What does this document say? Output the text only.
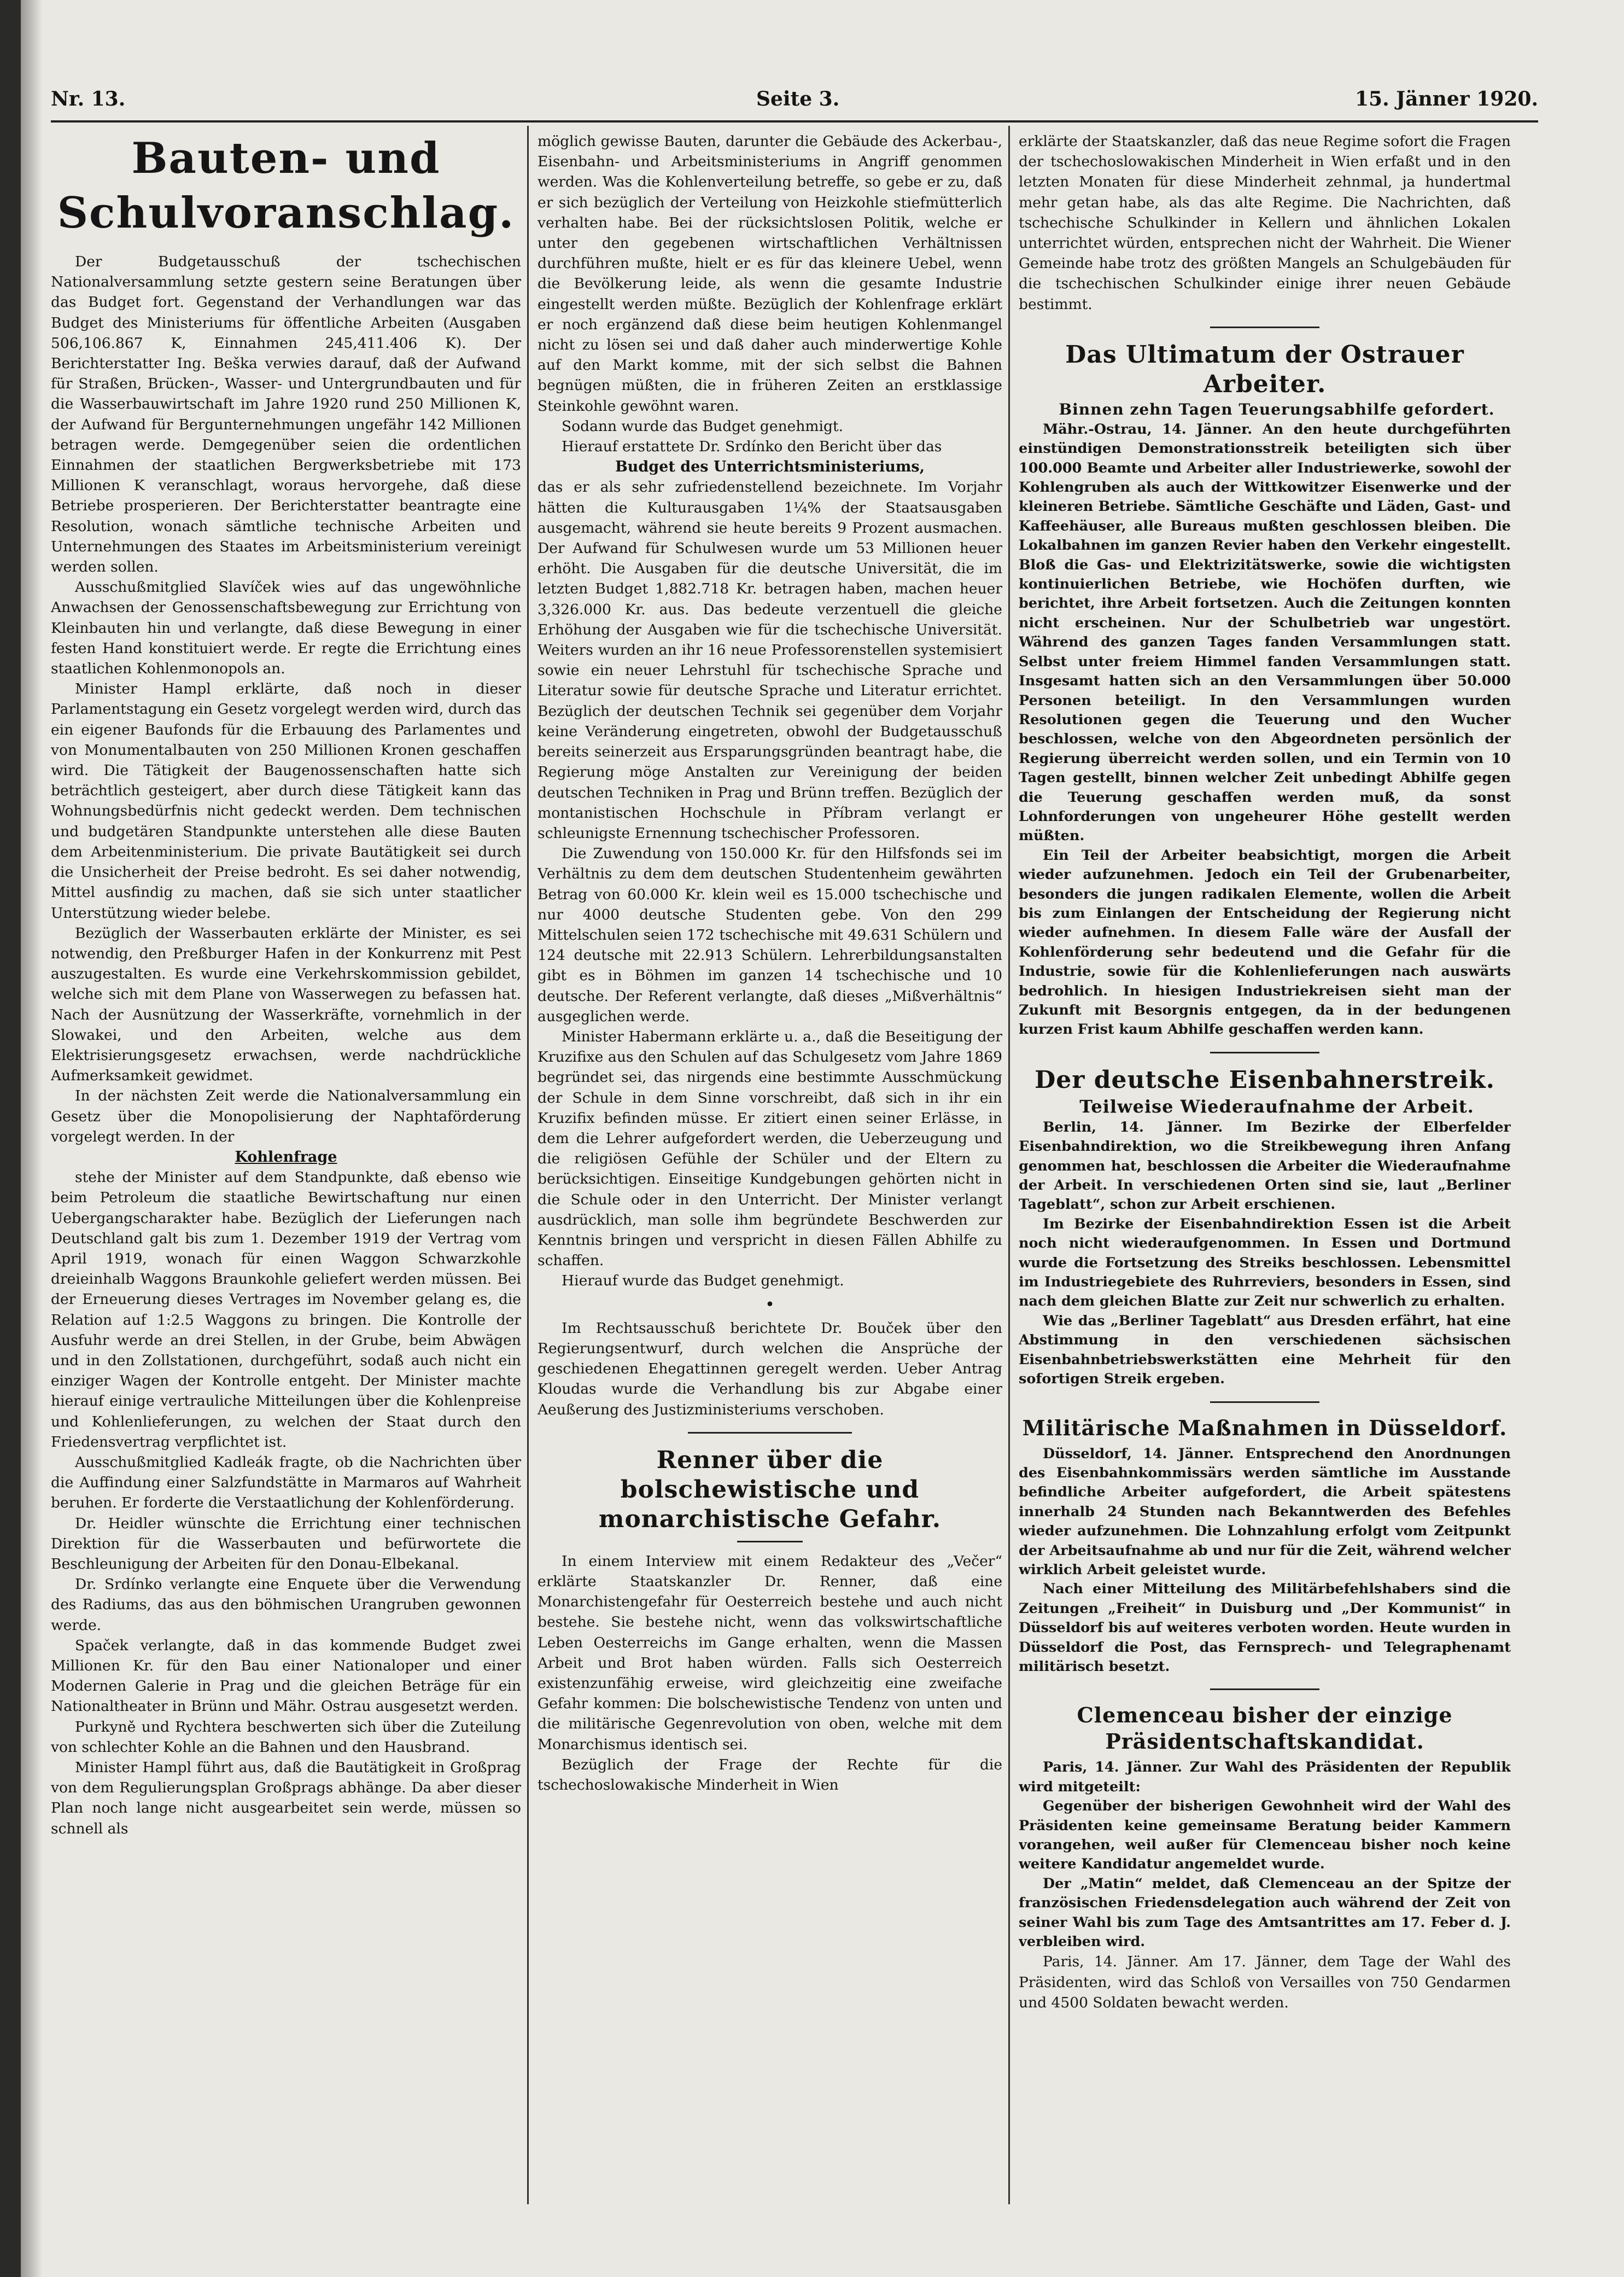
Nr. 13.	Seite 3.	15. Jänner 1920.
Bauten- und Schulvoranschlag.

Der Budgetausschuß der tschechischen Nationalversammlung setzte gestern seine Beratungen über das Budget fort. Gegenstand der Verhandlungen war das Budget des Ministeriums für öffentliche Arbeiten (Ausgaben 506,106.867 K, Einnahmen 245,411.406 K). Der Berichterstatter Ing. Beška verwies darauf, daß der Aufwand für Straßen, Brücken-, Wasser- und Untergrundbauten und für die Wasserbauwirtschaft im Jahre 1920 rund 250 Millionen K, der Aufwand für Bergunternehmungen ungefähr 142 Millionen betragen werde. Demgegenüber seien die ordentlichen Einnahmen der staatlichen Bergwerksbetriebe mit 173 Millionen K veranschlagt, woraus hervorgehe, daß diese Betriebe prosperieren. Der Berichterstatter beantragte eine Resolution, wonach sämtliche technische Arbeiten und Unternehmungen des Staates im Arbeitsministerium vereinigt werden sollen.

Ausschußmitglied Slavíček wies auf das ungewöhnliche Anwachsen der Genossenschaftsbewegung zur Errichtung von Kleinbauten hin und verlangte, daß diese Bewegung in einer festen Hand konstituiert werde. Er regte die Errichtung eines staatlichen Kohlenmonopols an.

Minister Hampl erklärte, daß noch in dieser Parlamentstagung ein Gesetz vorgelegt werden wird, durch das ein eigener Baufonds für die Erbauung des Parlamentes und von Monumentalbauten von 250 Millionen Kronen geschaffen wird. Die Tätigkeit der Baugenossenschaften hatte sich beträchtlich gesteigert, aber durch diese Tätigkeit kann das Wohnungsbedürfnis nicht gedeckt werden. Dem technischen und budgetären Standpunkte unterstehen alle diese Bauten dem Arbeitenministerium. Die private Bautätigkeit sei durch die Unsicherheit der Preise bedroht. Es sei daher notwendig, Mittel ausfindig zu machen, daß sie sich unter staatlicher Unterstützung wieder belebe.

Bezüglich der Wasserbauten erklärte der Minister, es sei notwendig, den Preßburger Hafen in der Konkurrenz mit Pest auszugestalten. Es wurde eine Verkehrskommission gebildet, welche sich mit dem Plane von Wasserwegen zu befassen hat. Nach der Ausnützung der Wasserkräfte, vornehmlich in der Slowakei, und den Arbeiten, welche aus dem Elektrisierungsgesetz erwachsen, werde nachdrückliche Aufmerksamkeit gewidmet.

In der nächsten Zeit werde die Nationalversammlung ein Gesetz über die Monopolisierung der Naphtaförderung vorgelegt werden. In der

Kohlenfrage

stehe der Minister auf dem Standpunkte, daß ebenso wie beim Petroleum die staatliche Bewirtschaftung nur einen Uebergangscharakter habe. Bezüglich der Lieferungen nach Deutschland galt bis zum 1. Dezember 1919 der Vertrag vom April 1919, wonach für einen Waggon Schwarzkohle dreieinhalb Waggons Braunkohle geliefert werden müssen. Bei der Erneuerung dieses Vertrages im November gelang es, die Relation auf 1:2.5 Waggons zu bringen. Die Kontrolle der Ausfuhr werde an drei Stellen, in der Grube, beim Abwägen und in den Zollstationen, durchgeführt, sodaß auch nicht ein einziger Wagen der Kontrolle entgeht. Der Minister machte hierauf einige vertrauliche Mitteilungen über die Kohlenpreise und Kohlenlieferungen, zu welchen der Staat durch den Friedensvertrag verpflichtet ist.

Ausschußmitglied Kadleák fragte, ob die Nachrichten über die Auffindung einer Salzfundstätte in Marmaros auf Wahrheit beruhen. Er forderte die Verstaatlichung der Kohlenförderung.

Dr. Heidler wünschte die Errichtung einer technischen Direktion für die Wasserbauten und befürwortete die Beschleunigung der Arbeiten für den Donau-Elbekanal.

Dr. Srdínko verlangte eine Enquete über die Verwendung des Radiums, das aus den böhmischen Urangruben gewonnen werde.

Spaček verlangte, daß in das kommende Budget zwei Millionen Kr. für den Bau einer Nationaloper und einer Modernen Galerie in Prag und die gleichen Beträge für ein Nationaltheater in Brünn und Mähr. Ostrau ausgesetzt werden.

Purkyně und Rychtera beschwerten sich über die Zuteilung von schlechter Kohle an die Bahnen und den Hausbrand.

Minister Hampl führt aus, daß die Bautätigkeit in Großprag von dem Regulierungsplan Großprags abhänge. Da aber dieser Plan noch lange nicht ausgearbeitet sein werde, müssen so schnell als

möglich gewisse Bauten, darunter die Gebäude des Ackerbau-, Eisenbahn- und Arbeitsministeriums in Angriff genommen werden. Was die Kohlenverteilung betreffe, so gebe er zu, daß er sich bezüglich der Verteilung von Heizkohle stiefmütterlich verhalten habe. Bei der rücksichtslosen Politik, welche er unter den gegebenen wirtschaftlichen Verhältnissen durchführen mußte, hielt er es für das kleinere Uebel, wenn die Bevölkerung leide, als wenn die gesamte Industrie eingestellt werden müßte. Bezüglich der Kohlenfrage erklärt er noch ergänzend daß diese beim heutigen Kohlenmangel nicht zu lösen sei und daß daher auch minderwertige Kohle auf den Markt komme, mit der sich selbst die Bahnen begnügen müßten, die in früheren Zeiten an erstklassige Steinkohle gewöhnt waren.

Sodann wurde das Budget genehmigt.

Hierauf erstattete Dr. Srdínko den Bericht über das

Budget des Unterrichtsministeriums,

das er als sehr zufriedenstellend bezeichnete. Im Vorjahr hätten die Kulturausgaben 1¼% der Staatsausgaben ausgemacht, während sie heute bereits 9 Prozent ausmachen. Der Aufwand für Schulwesen wurde um 53 Millionen heuer erhöht. Die Ausgaben für die deutsche Universität, die im letzten Budget 1,882.718 Kr. betragen haben, machen heuer 3,326.000 Kr. aus. Das bedeute verzentuell die gleiche Erhöhung der Ausgaben wie für die tschechische Universität. Weiters wurden an ihr 16 neue Professorenstellen systemisiert sowie ein neuer Lehrstuhl für tschechische Sprache und Literatur sowie für deutsche Sprache und Literatur errichtet. Bezüglich der deutschen Technik sei gegenüber dem Vorjahr keine Veränderung eingetreten, obwohl der Budgetausschuß bereits seinerzeit aus Ersparungsgründen beantragt habe, die Regierung möge Anstalten zur Vereinigung der beiden deutschen Techniken in Prag und Brünn treffen. Bezüglich der montanistischen Hochschule in Příbram verlangt er schleunigste Ernennung tschechischer Professoren.

Die Zuwendung von 150.000 Kr. für den Hilfsfonds sei im Verhältnis zu dem dem deutschen Studentenheim gewährten Betrag von 60.000 Kr. klein weil es 15.000 tschechische und nur 4000 deutsche Studenten gebe. Von den 299 Mittelschulen seien 172 tschechische mit 49.631 Schülern und 124 deutsche mit 22.913 Schülern. Lehrerbildungsanstalten gibt es in Böhmen im ganzen 14 tschechische und 10 deutsche. Der Referent verlangte, daß dieses „Mißverhältnis“ ausgeglichen werde.

Minister Habermann erklärte u. a., daß die Beseitigung der Kruzifixe aus den Schulen auf das Schulgesetz vom Jahre 1869 begründet sei, das nirgends eine bestimmte Ausschmückung der Schule in dem Sinne vorschreibt, daß sich in ihr ein Kruzifix befinden müsse. Er zitiert einen seiner Erlässe, in dem die Lehrer aufgefordert werden, die Ueberzeugung und die religiösen Gefühle der Schüler und der Eltern zu berücksichtigen. Einseitige Kundgebungen gehörten nicht in die Schule oder in den Unterricht. Der Minister verlangt ausdrücklich, man solle ihm begründete Beschwerden zur Kenntnis bringen und verspricht in diesen Fällen Abhilfe zu schaffen.

Hierauf wurde das Budget genehmigt.

•

Im Rechtsausschuß berichtete Dr. Bouček über den Regierungsentwurf, durch welchen die Ansprüche der geschiedenen Ehegattinnen geregelt werden. Ueber Antrag Kloudas wurde die Verhandlung bis zur Abgabe einer Aeußerung des Justizministeriums verschoben.

Renner über die bolschewistische und monarchistische Gefahr.

In einem Interview mit einem Redakteur des „Večer“ erklärte Staatskanzler Dr. Renner, daß eine Monarchistengefahr für Oesterreich bestehe und auch nicht bestehe. Sie bestehe nicht, wenn das volkswirtschaftliche Leben Oesterreichs im Gange erhalten, wenn die Massen Arbeit und Brot haben würden. Falls sich Oesterreich existenzunfähig erweise, wird gleichzeitig eine zweifache Gefahr kommen: Die bolschewistische Tendenz von unten und die militärische Gegenrevolution von oben, welche mit dem Monarchismus identisch sei.

Bezüglich der Frage der Rechte für die tschechoslowakische Minderheit in Wien

erklärte der Staatskanzler, daß das neue Regime sofort die Fragen der tschechoslowakischen Minderheit in Wien erfaßt und in den letzten Monaten für diese Minderheit zehnmal, ja hundertmal mehr getan habe, als das alte Regime. Die Nachrichten, daß tschechische Schulkinder in Kellern und ähnlichen Lokalen unterrichtet würden, entsprechen nicht der Wahrheit. Die Wiener Gemeinde habe trotz des größten Mangels an Schulgebäuden für die tschechischen Schulkinder einige ihrer neuen Gebäude bestimmt.

Das Ultimatum der Ostrauer Arbeiter.

Binnen zehn Tagen Teuerungsabhilfe gefordert.

Mähr.-Ostrau, 14. Jänner. An den heute durchgeführten einstündigen Demonstrationsstreik beteiligten sich über 100.000 Beamte und Arbeiter aller Industriewerke, sowohl der Kohlengruben als auch der Wittkowitzer Eisenwerke und der kleineren Betriebe. Sämtliche Geschäfte und Läden, Gast- und Kaffeehäuser, alle Bureaus mußten geschlossen bleiben. Die Lokalbahnen im ganzen Revier haben den Verkehr eingestellt. Bloß die Gas- und Elektrizitätswerke, sowie die wichtigsten kontinuierlichen Betriebe, wie Hochöfen durften, wie berichtet, ihre Arbeit fortsetzen. Auch die Zeitungen konnten nicht erscheinen. Nur der Schulbetrieb war ungestört. Während des ganzen Tages fanden Versammlungen statt. Selbst unter freiem Himmel fanden Versammlungen statt. Insgesamt hatten sich an den Versammlungen über 50.000 Personen beteiligt. In den Versammlungen wurden Resolutionen gegen die Teuerung und den Wucher beschlossen, welche von den Abgeordneten persönlich der Regierung überreicht werden sollen, und ein Termin von 10 Tagen gestellt, binnen welcher Zeit unbedingt Abhilfe gegen die Teuerung geschaffen werden muß, da sonst Lohnforderungen von ungeheurer Höhe gestellt werden müßten.

Ein Teil der Arbeiter beabsichtigt, morgen die Arbeit wieder aufzunehmen. Jedoch ein Teil der Grubenarbeiter, besonders die jungen radikalen Elemente, wollen die Arbeit bis zum Einlangen der Entscheidung der Regierung nicht wieder aufnehmen. In diesem Falle wäre der Ausfall der Kohlenförderung sehr bedeutend und die Gefahr für die Industrie, sowie für die Kohlenlieferungen nach auswärts bedrohlich. In hiesigen Industriekreisen sieht man der Zukunft mit Besorgnis entgegen, da in der bedungenen kurzen Frist kaum Abhilfe geschaffen werden kann.

Der deutsche Eisenbahnerstreik.

Teilweise Wiederaufnahme der Arbeit.

Berlin, 14. Jänner. Im Bezirke der Elberfelder Eisenbahndirektion, wo die Streikbewegung ihren Anfang genommen hat, beschlossen die Arbeiter die Wiederaufnahme der Arbeit. In verschiedenen Orten sind sie, laut „Berliner Tageblatt“, schon zur Arbeit erschienen.

Im Bezirke der Eisenbahndirektion Essen ist die Arbeit noch nicht wiederaufgenommen. In Essen und Dortmund wurde die Fortsetzung des Streiks beschlossen. Lebensmittel im Industriegebiete des Ruhrreviers, besonders in Essen, sind nach dem gleichen Blatte zur Zeit nur schwerlich zu erhalten.

Wie das „Berliner Tageblatt“ aus Dresden erfährt, hat eine Abstimmung in den verschiedenen sächsischen Eisenbahnbetriebswerkstätten eine Mehrheit für den sofortigen Streik ergeben.

Militärische Maßnahmen in Düsseldorf.

Düsseldorf, 14. Jänner. Entsprechend den Anordnungen des Eisenbahnkommissärs werden sämtliche im Ausstande befindliche Arbeiter aufgefordert, die Arbeit spätestens innerhalb 24 Stunden nach Bekanntwerden des Befehles wieder aufzunehmen. Die Lohnzahlung erfolgt vom Zeitpunkt der Arbeitsaufnahme ab und nur für die Zeit, während welcher wirklich Arbeit geleistet wurde.

Nach einer Mitteilung des Militärbefehlshabers sind die Zeitungen „Freiheit“ in Duisburg und „Der Kommunist“ in Düsseldorf bis auf weiteres verboten worden. Heute wurden in Düsseldorf die Post, das Fernsprech- und Telegraphenamt militärisch besetzt.

Clemenceau bisher der einzige Präsidentschaftskandidat.

Paris, 14. Jänner. Zur Wahl des Präsidenten der Republik wird mitgeteilt:

Gegenüber der bisherigen Gewohnheit wird der Wahl des Präsidenten keine gemeinsame Beratung beider Kammern vorangehen, weil außer für Clemenceau bisher noch keine weitere Kandidatur angemeldet wurde.

Der „Matin“ meldet, daß Clemenceau an der Spitze der französischen Friedensdelegation auch während der Zeit von seiner Wahl bis zum Tage des Amtsantrittes am 17. Feber d. J. verbleiben wird.

Paris, 14. Jänner. Am 17. Jänner, dem Tage der Wahl des Präsidenten, wird das Schloß von Versailles von 750 Gendarmen und 4500 Soldaten bewacht werden.
